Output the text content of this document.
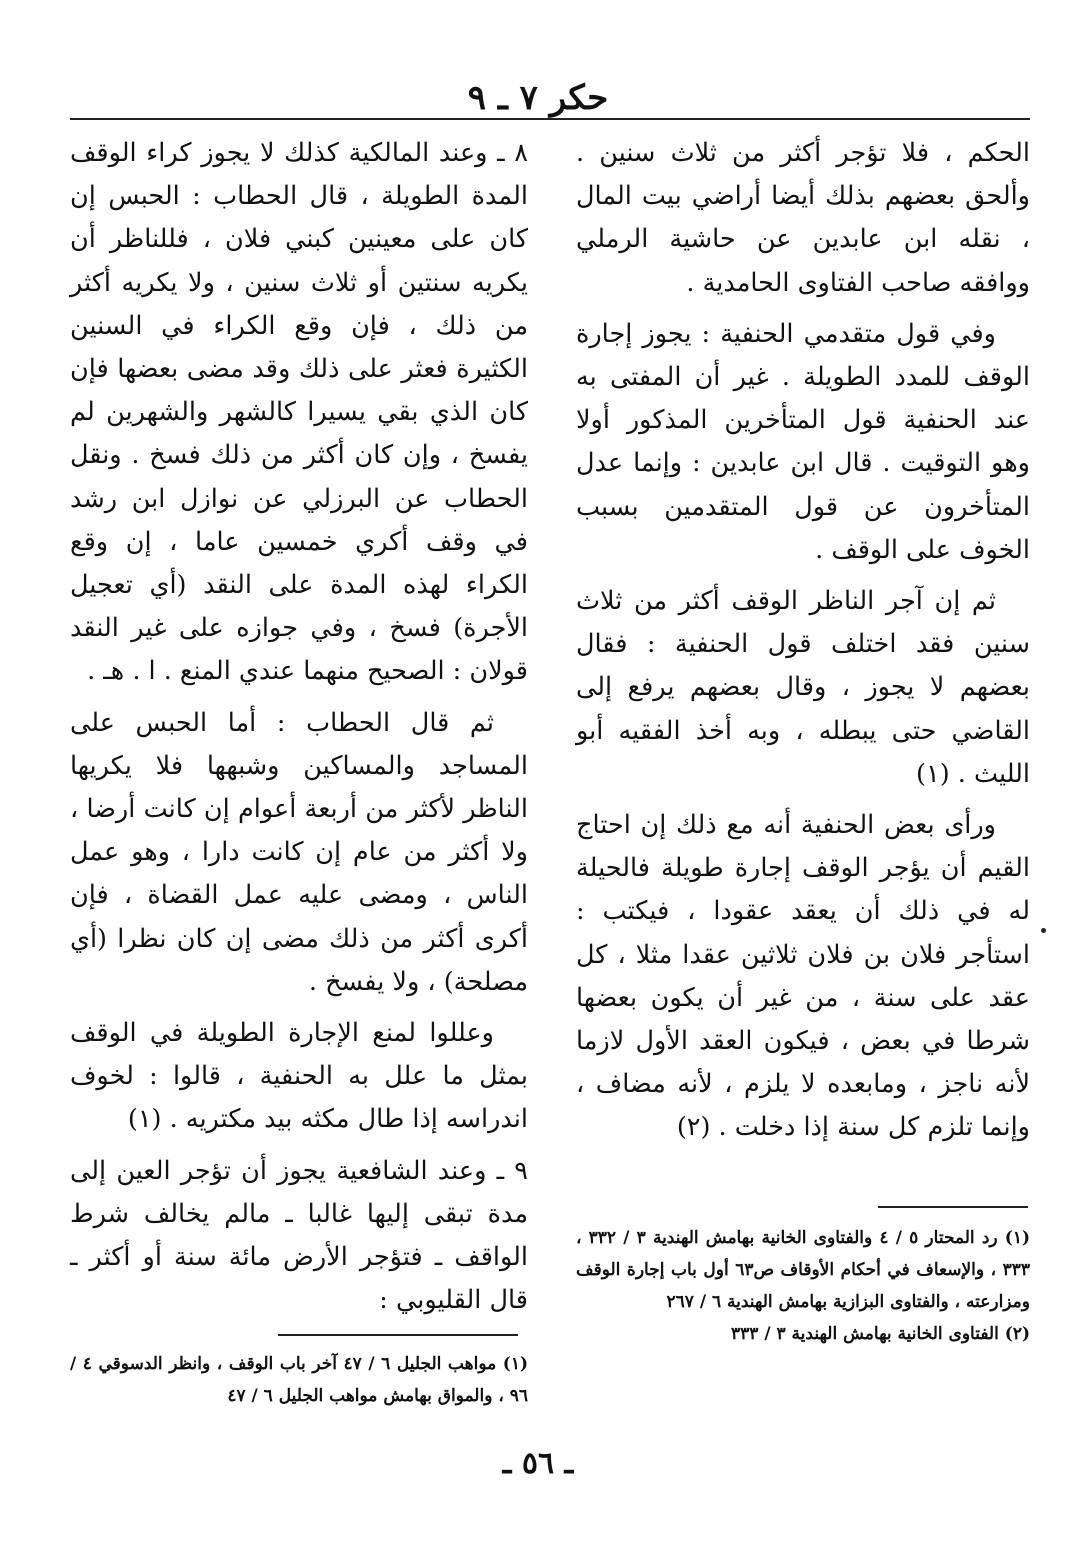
حكر ٧ ـ ٩

الحكم ، فلا تؤجر أكثر من ثلاث سنين . وألحق بعضهم بذلك أيضا أراضي بيت المال ، نقله ابن عابدين عن حاشية الرملي ووافقه صاحب الفتاوى الحامدية .

وفي قول متقدمي الحنفية : يجوز إجارة الوقف للمدد الطويلة . غير أن المفتى به عند الحنفية قول المتأخرين المذكور أولا وهو التوقيت . قال ابن عابدين : وإنما عدل المتأخرون عن قول المتقدمين بسبب الخوف على الوقف .

ثم إن آجر الناظر الوقف أكثر من ثلاث سنين فقد اختلف قول الحنفية : فقال بعضهم لا يجوز ، وقال بعضهم يرفع إلى القاضي حتى يبطله ، وبه أخذ الفقيه أبو الليث . (١)

ورأى بعض الحنفية أنه مع ذلك إن احتاج القيم أن يؤجر الوقف إجارة طويلة فالحيلة له في ذلك أن يعقد عقودا ، فيكتب : استأجر فلان بن فلان ثلاثين عقدا مثلا ، كل عقد على سنة ، من غير أن يكون بعضها شرطا في بعض ، فيكون العقد الأول لازما لأنه ناجز ، ومابعده لا يلزم ، لأنه مضاف ، وإنما تلزم كل سنة إذا دخلت . (٢)

٨ ـ وعند المالكية كذلك لا يجوز كراء الوقف المدة الطويلة ، قال الحطاب : الحبس إن كان على معينين كبني فلان ، فللناظر أن يكريه سنتين أو ثلاث سنين ، ولا يكريه أكثر من ذلك ، فإن وقع الكراء في السنين الكثيرة فعثر على ذلك وقد مضى بعضها فإن كان الذي بقي يسيرا كالشهر والشهرين لم يفسخ ، وإن كان أكثر من ذلك فسخ . ونقل الحطاب عن البرزلي عن نوازل ابن رشد في وقف أكري خمسين عاما ، إن وقع الكراء لهذه المدة على النقد (أي تعجيل الأجرة) فسخ ، وفي جوازه على غير النقد قولان : الصحيح منهما عندي المنع . ا . هـ .

ثم قال الحطاب : أما الحبس على المساجد والمساكين وشبهها فلا يكريها الناظر لأكثر من أربعة أعوام إن كانت أرضا ، ولا أكثر من عام إن كانت دارا ، وهو عمل الناس ، ومضى عليه عمل القضاة ، فإن أكرى أكثر من ذلك مضى إن كان نظرا (أي مصلحة) ، ولا يفسخ .

وعللوا لمنع الإجارة الطويلة في الوقف بمثل ما علل به الحنفية ، قالوا : لخوف اندراسه إذا طال مكثه بيد مكتريه . (١)

٩ ـ وعند الشافعية يجوز أن تؤجر العين إلى مدة تبقى إليها غالبا ـ مالم يخالف شرط الواقف ـ فتؤجر الأرض مائة سنة أو أكثر ـ قال القليوبي :

(١) رد المحتار ٥ / ٤ والفتاوى الخانية بهامش الهندية ٣ / ٣٣٢ ، ٣٣٣ ، والإسعاف في أحكام الأوقاف ص٦٣ أول باب إجارة الوقف ومزارعته ، والفتاوى البزازية بهامش الهندية ٦ / ٢٦٧

(٢) الفتاوى الخانية بهامش الهندية ٣ / ٣٣٣

(١) مواهب الجليل ٦ / ٤٧ آخر باب الوقف ، وانظر الدسوقي ٤ / ٩٦ ، والمواق بهامش مواهب الجليل ٦ / ٤٧

ـ ٥٦ ـ
